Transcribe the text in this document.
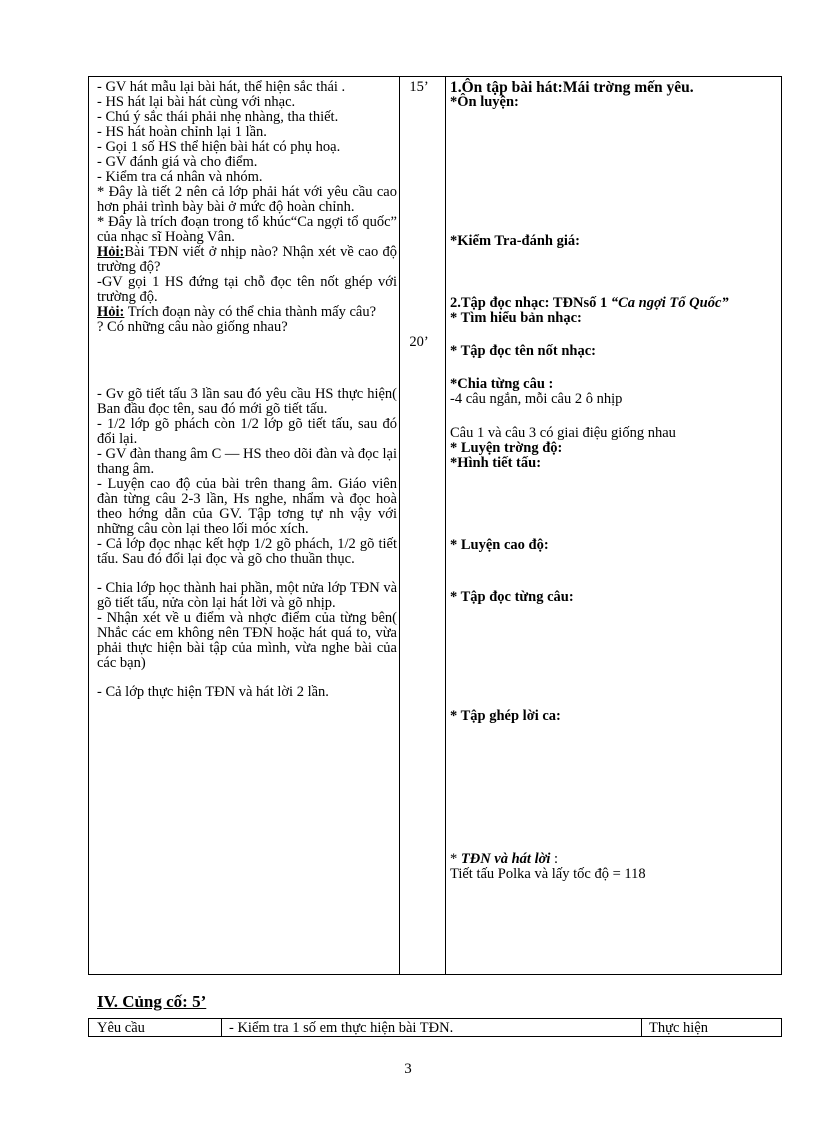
- GV hát mẫu lại bài hát, thể hiện sắc thái .

- HS hát lại bài hát cùng với nhạc.

- Chú ý sắc thái phải nhẹ nhàng, tha thiết.

- HS hát hoàn chỉnh lại 1 lần.

- Gọi 1 số HS thể hiện bài hát có phụ hoạ.

- GV đánh giá và cho điểm.

- Kiểm tra cá nhân và nhóm.

* Đây là tiết 2 nên cả lớp phải hát với yêu cầu cao hơn phải trình bày bài ở mức độ hoàn chỉnh.

* Đây là trích đoạn trong tổ khúc“Ca ngợi tổ quốc” của nhạc sĩ Hoàng Vân.

Hỏi:Bài TĐN viết ở nhịp nào? Nhận xét về cao độ trường độ?

-GV gọi 1 HS đứng tại chỗ đọc tên nốt ghép với trường độ.

Hỏi: Trích đoạn này có thể chia thành mấy câu?

? Có những câu nào giống nhau?

- Gv gõ tiết tấu 3 lần sau đó yêu cầu HS thực hiện( Ban đầu đọc tên, sau đó mới gõ tiết tấu.

- 1/2 lớp gõ phách còn 1/2 lớp gõ tiết tấu, sau đó đổi lại.

- GV đàn thang âm C — HS theo dõi đàn và đọc lại thang âm.

- Luyện cao độ của bài trên thang âm. Giáo viên đàn từng câu 2-3 lần, Hs nghe, nhẩm và đọc hoà theo hớng dẫn của GV. Tập tơng tự nh vậy với những câu còn lại theo lối móc xích.

- Cả lớp đọc nhạc kết hợp 1/2 gõ phách, 1/2 gõ tiết tấu. Sau đó đổi lại đọc và gõ cho thuần thục.

- Chia lớp học thành hai phần, một nửa lớp TĐN và gõ tiết tấu, nửa còn lại hát lời và gõ nhịp.

- Nhận xét về u điểm và nhợc điểm của từng bên( Nhắc các em không nên TĐN hoặc hát quá to, vừa phải thực hiện bài tập của mình, vừa nghe bài của các bạn)

- Cả lớp thực hiện TĐN và hát lời 2 lần.

15’
20’
1.Ôn tập bài hát:Mái trờng mến yêu.
*Ôn luyện:
*Kiểm Tra-đánh giá:
2.Tập đọc nhạc: TĐNsố 1 “Ca ngợi Tổ Quốc”
* Tìm hiểu bản nhạc:
* Tập đọc tên nốt nhạc:
*Chia từng câu :
-4 câu ngắn, mỗi câu 2 ô nhịp
Câu 1 và câu 3 có giai điệu giống nhau
* Luyện trờng độ:
*Hình tiết tấu:
* Luyện cao độ:
* Tập đọc từng câu:
* Tập ghép lời ca:
* TĐN và hát lời :
Tiết tấu Polka và lấy tốc độ = 118
IV. Củng cố: 5’
Yêu cầu	- Kiểm tra 1 số em thực hiện bài TĐN.	Thực hiện
3
